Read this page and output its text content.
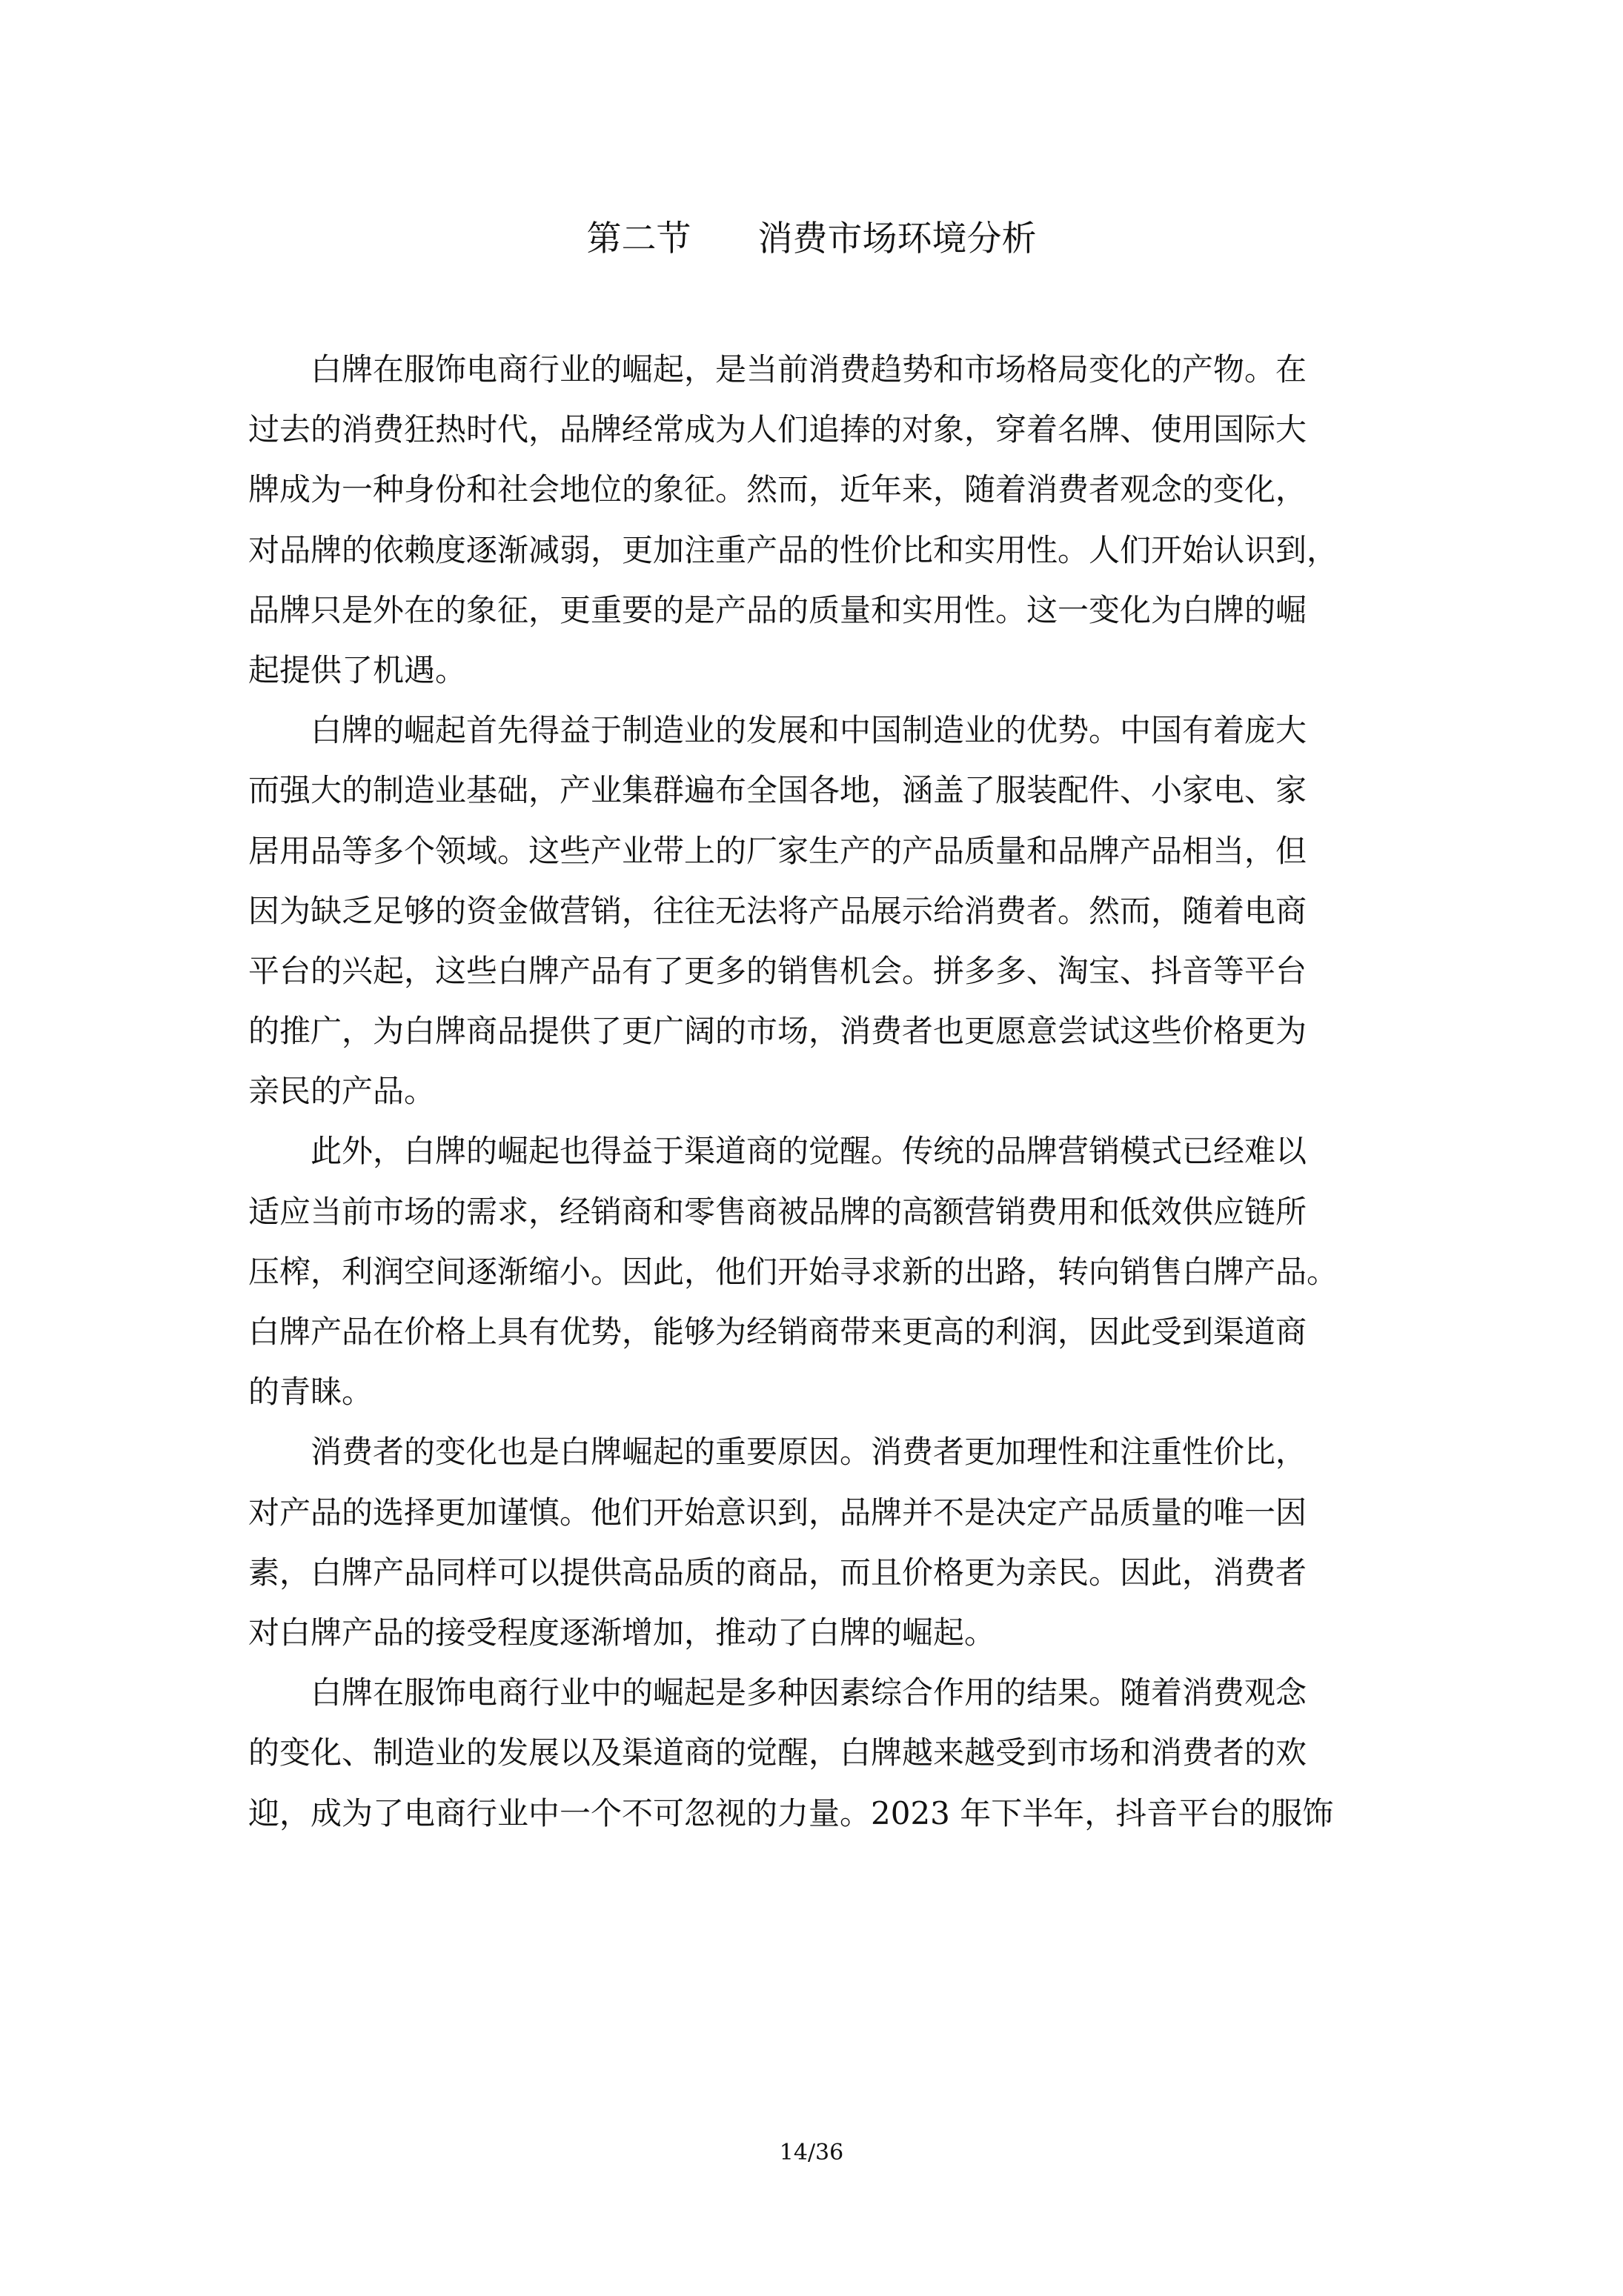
第二节 消费市场环境分析
白牌在服饰电商行业的崛起，是当前消费趋势和市场格局变化的产物。在
过去的消费狂热时代，品牌经常成为人们追捧的对象，穿着名牌、使用国际大
牌成为一种身份和社会地位的象征。然而，近年来，随着消费者观念的变化，
对品牌的依赖度逐渐减弱，更加注重产品的性价比和实用性。人们开始认识到，
品牌只是外在的象征，更重要的是产品的质量和实用性。这一变化为白牌的崛
起提供了机遇。
白牌的崛起首先得益于制造业的发展和中国制造业的优势。中国有着庞大
而强大的制造业基础，产业集群遍布全国各地，涵盖了服装配件、小家电、家
居用品等多个领域。这些产业带上的厂家生产的产品质量和品牌产品相当，但
因为缺乏足够的资金做营销，往往无法将产品展示给消费者。然而，随着电商
平台的兴起，这些白牌产品有了更多的销售机会。拼多多、淘宝、抖音等平台
的推广，为白牌商品提供了更广阔的市场，消费者也更愿意尝试这些价格更为
亲民的产品。
此外，白牌的崛起也得益于渠道商的觉醒。传统的品牌营销模式已经难以
适应当前市场的需求，经销商和零售商被品牌的高额营销费用和低效供应链所
压榨，利润空间逐渐缩小。因此，他们开始寻求新的出路，转向销售白牌产品。
白牌产品在价格上具有优势，能够为经销商带来更高的利润，因此受到渠道商
的青睐。
消费者的变化也是白牌崛起的重要原因。消费者更加理性和注重性价比，
对产品的选择更加谨慎。他们开始意识到，品牌并不是决定产品质量的唯一因
素，白牌产品同样可以提供高品质的商品，而且价格更为亲民。因此，消费者
对白牌产品的接受程度逐渐增加，推动了白牌的崛起。
白牌在服饰电商行业中的崛起是多种因素综合作用的结果。随着消费观念
的变化、制造业的发展以及渠道商的觉醒，白牌越来越受到市场和消费者的欢
迎，成为了电商行业中一个不可忽视的力量。2023 年下半年，抖音平台的服饰
14/36
